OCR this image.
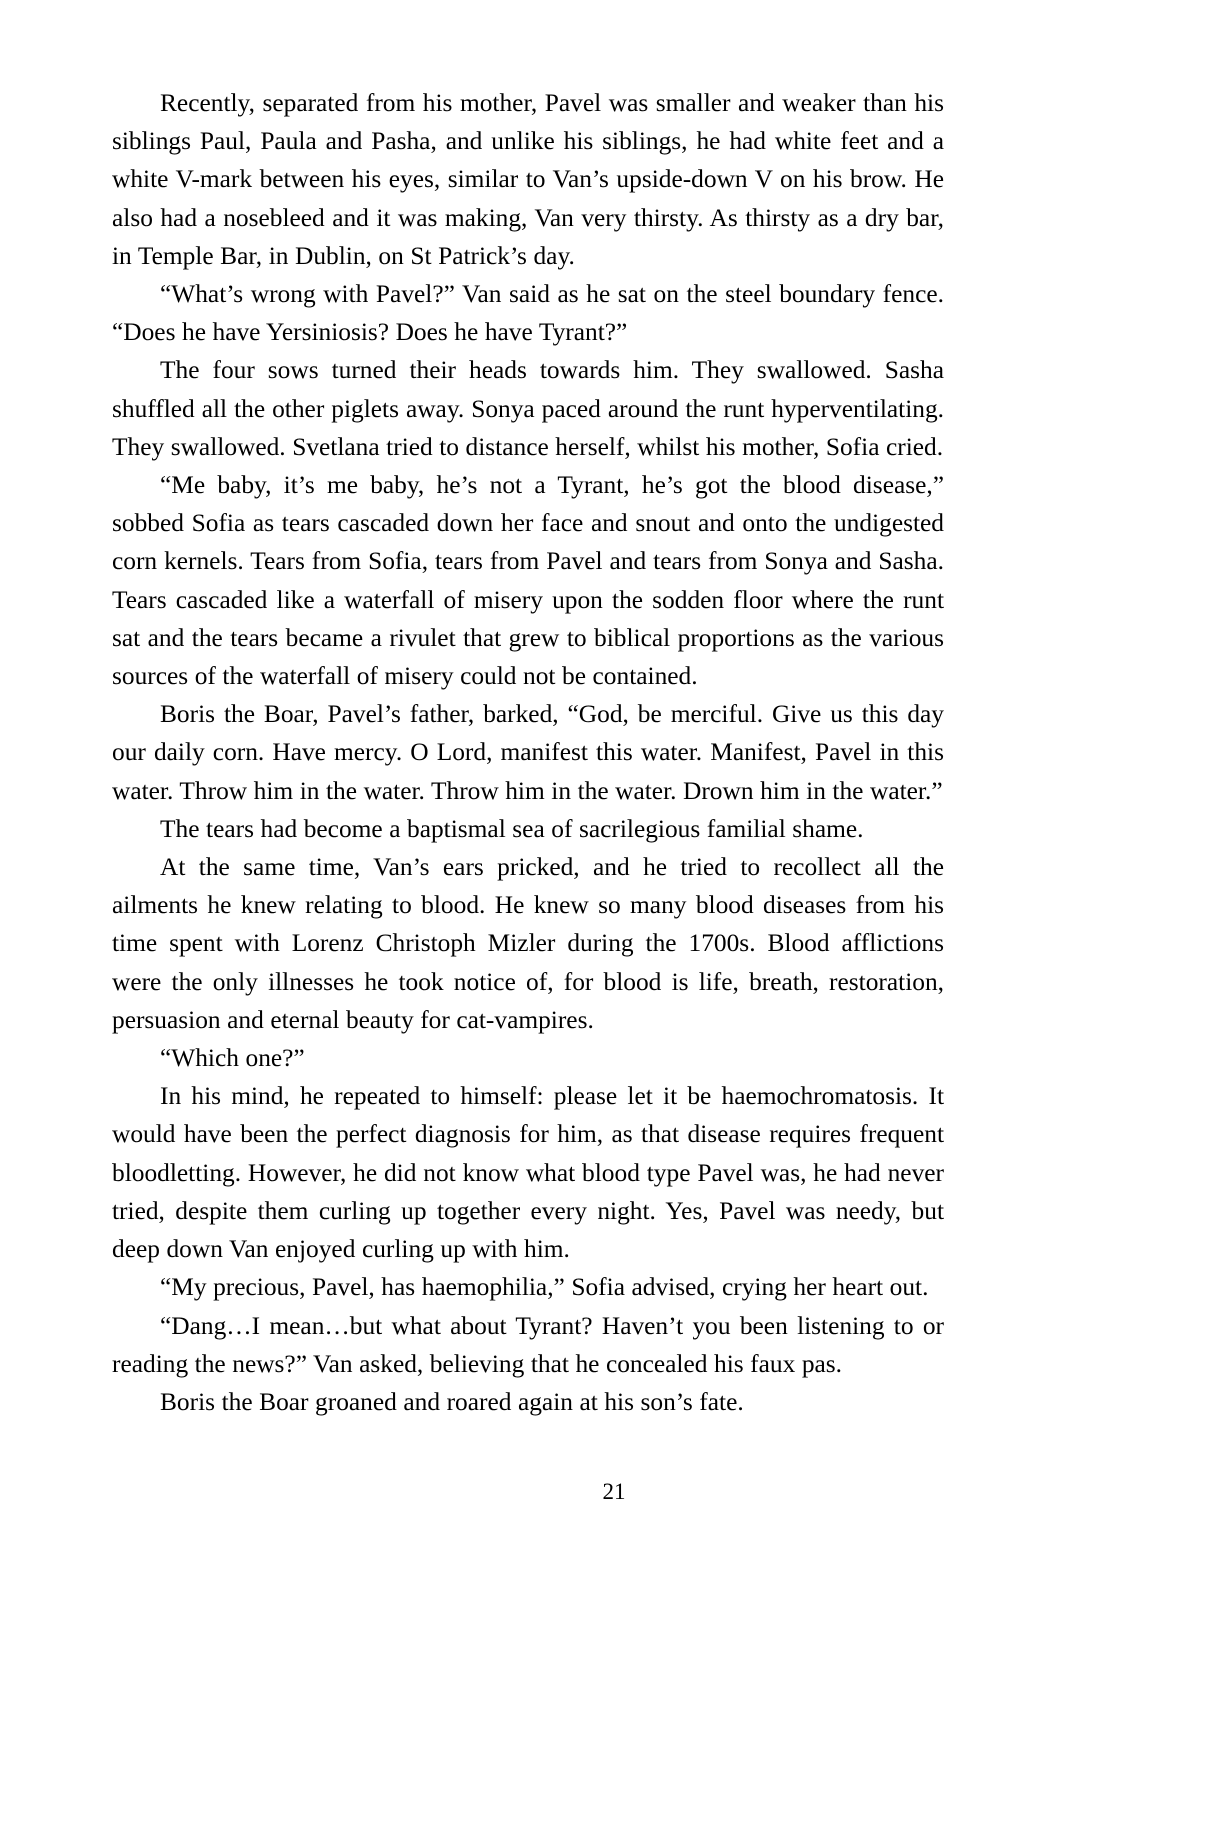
Recently, separated from his mother, Pavel was smaller and weaker than his siblings Paul, Paula and Pasha, and unlike his siblings, he had white feet and a white V-mark between his eyes, similar to Van’s upside-down V on his brow. He also had a nosebleed and it was making, Van very thirsty. As thirsty as a dry bar, in Temple Bar, in Dublin, on St Patrick’s day.

“What’s wrong with Pavel?” Van said as he sat on the steel boundary fence. “Does he have Yersiniosis? Does he have Tyrant?”

The four sows turned their heads towards him. They swallowed. Sasha shuffled all the other piglets away. Sonya paced around the runt hyperventilating. They swallowed. Svetlana tried to distance herself, whilst his mother, Sofia cried.

“Me baby, it’s me baby, he’s not a Tyrant, he’s got the blood disease,” sobbed Sofia as tears cascaded down her face and snout and onto the undigested corn kernels. Tears from Sofia, tears from Pavel and tears from Sonya and Sasha. Tears cascaded like a waterfall of misery upon the sodden floor where the runt sat and the tears became a rivulet that grew to biblical proportions as the various sources of the waterfall of misery could not be contained.

Boris the Boar, Pavel’s father, barked, “God, be merciful. Give us this day our daily corn. Have mercy. O Lord, manifest this water. Manifest, Pavel in this water. Throw him in the water. Throw him in the water. Drown him in the water.”

The tears had become a baptismal sea of sacrilegious familial shame.

At the same time, Van’s ears pricked, and he tried to recollect all the ailments he knew relating to blood. He knew so many blood diseases from his time spent with Lorenz Christoph Mizler during the 1700s. Blood afflictions were the only illnesses he took notice of, for blood is life, breath, restoration, persuasion and eternal beauty for cat-vampires.

“Which one?”

In his mind, he repeated to himself: please let it be haemochromatosis. It would have been the perfect diagnosis for him, as that disease requires frequent bloodletting. However, he did not know what blood type Pavel was, he had never tried, despite them curling up together every night. Yes, Pavel was needy, but deep down Van enjoyed curling up with him.

“My precious, Pavel, has haemophilia,” Sofia advised, crying her heart out.

“Dang…I mean…but what about Tyrant? Haven’t you been listening to or reading the news?” Van asked, believing that he concealed his faux pas.

Boris the Boar groaned and roared again at his son’s fate.

21
